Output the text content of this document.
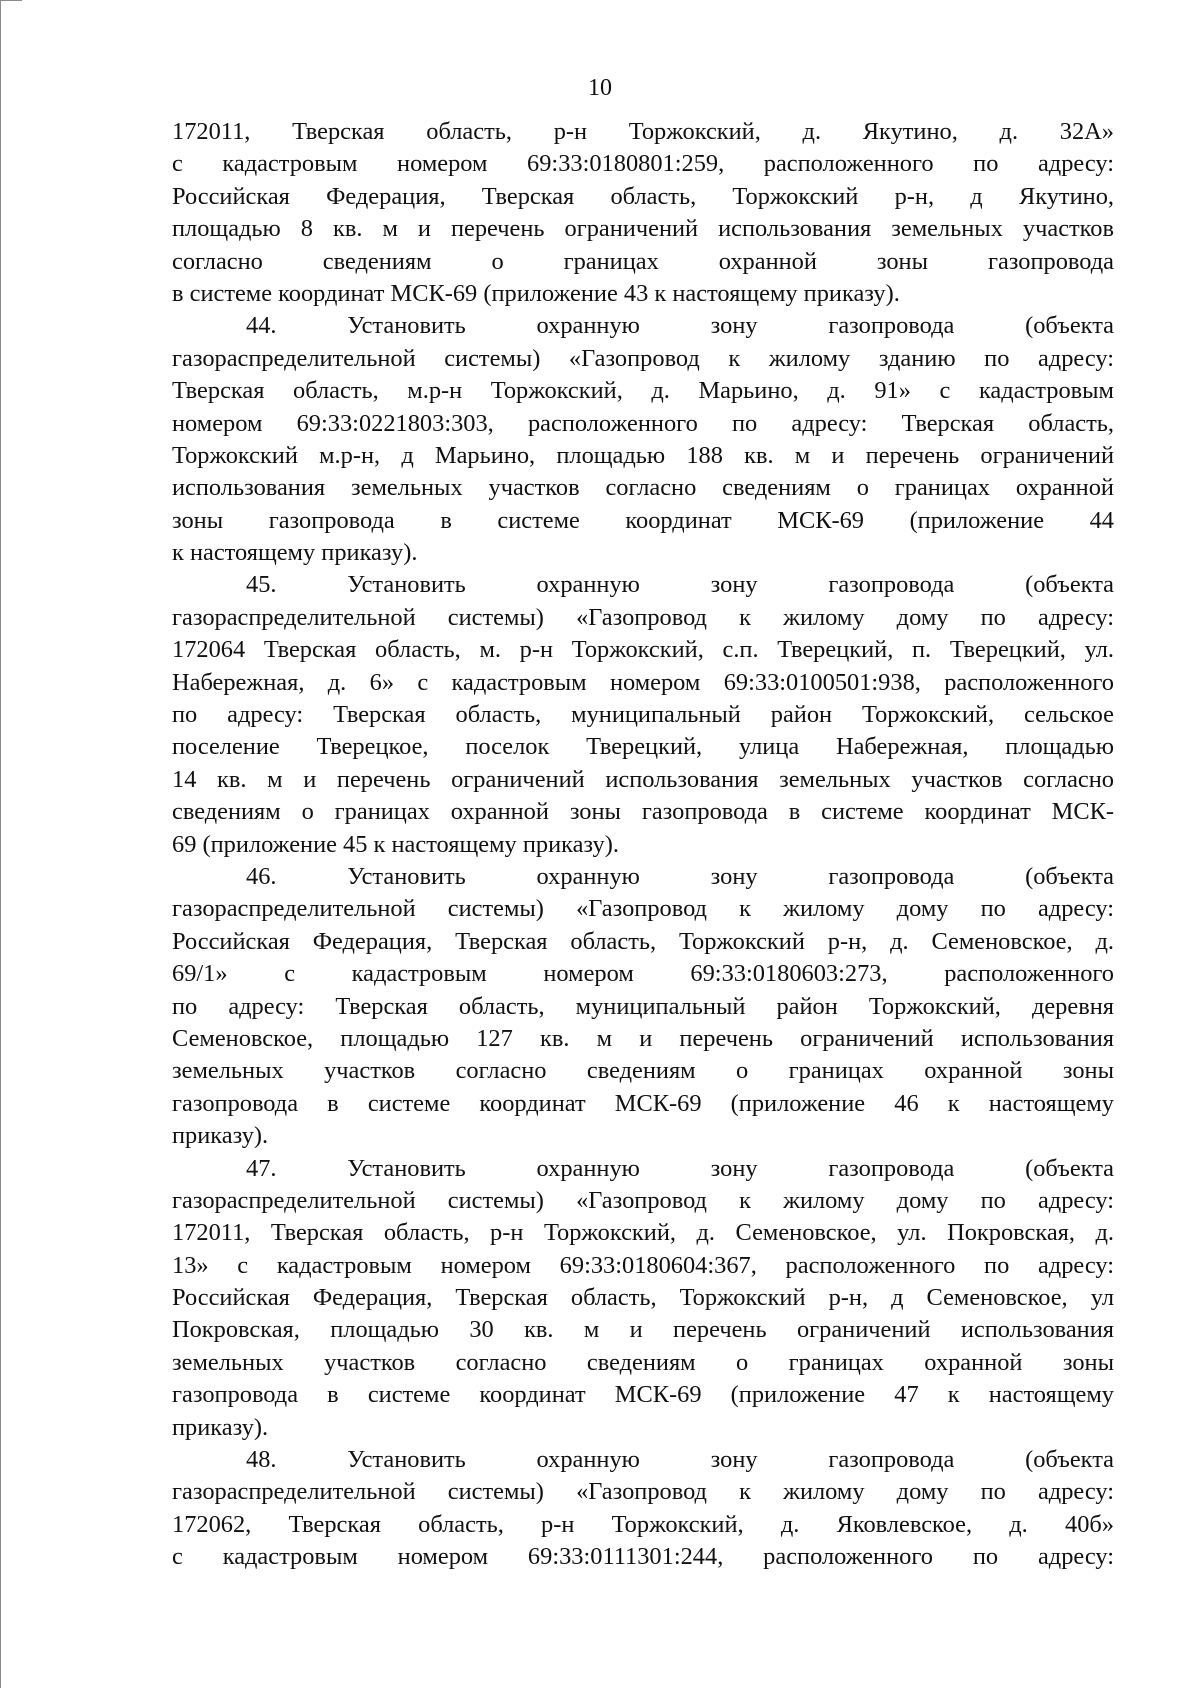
10
172011, Тверская область, р-н Торжокский, д. Якутино, д. 32А»
с кадастровым номером 69:33:0180801:259, расположенного по адресу:
Российская Федерация, Тверская область, Торжокский р-н, д Якутино,
площадью 8 кв. м и перечень ограничений использования земельных участков
согласно сведениям о границах охранной зоны газопровода
в системе координат МСК-69 (приложение 43 к настоящему приказу).
44. Установить охранную зону газопровода (объекта
газораспределительной системы) «Газопровод к жилому зданию по адресу:
Тверская область, м.р-н Торжокский, д. Марьино, д. 91» с кадастровым
номером 69:33:0221803:303, расположенного по адресу: Тверская область,
Торжокский м.р-н, д Марьино, площадью 188 кв. м и перечень ограничений
использования земельных участков согласно сведениям о границах охранной
зоны газопровода в системе координат МСК-69 (приложение 44
к настоящему приказу).
45. Установить охранную зону газопровода (объекта
газораспределительной системы) «Газопровод к жилому дому по адресу:
172064 Тверская область, м. р-н Торжокский, с.п. Тверецкий, п. Тверецкий, ул.
Набережная, д. 6» с кадастровым номером 69:33:0100501:938, расположенного
по адресу: Тверская область, муниципальный район Торжокский, сельское
поселение Тверецкое, поселок Тверецкий, улица Набережная, площадью
14 кв. м и перечень ограничений использования земельных участков согласно
сведениям о границах охранной зоны газопровода в системе координат МСК-
69 (приложение 45 к настоящему приказу).
46. Установить охранную зону газопровода (объекта
газораспределительной системы) «Газопровод к жилому дому по адресу:
Российская Федерация, Тверская область, Торжокский р-н, д. Семеновское, д.
69/1» с кадастровым номером 69:33:0180603:273, расположенного
по адресу: Тверская область, муниципальный район Торжокский, деревня
Семеновское, площадью 127 кв. м и перечень ограничений использования
земельных участков согласно сведениям о границах охранной зоны
газопровода в системе координат МСК-69 (приложение 46 к настоящему
приказу).
47. Установить охранную зону газопровода (объекта
газораспределительной системы) «Газопровод к жилому дому по адресу:
172011, Тверская область, р-н Торжокский, д. Семеновское, ул. Покровская, д.
13» с кадастровым номером 69:33:0180604:367, расположенного по адресу:
Российская Федерация, Тверская область, Торжокский р-н, д Семеновское, ул
Покровская, площадью 30 кв. м и перечень ограничений использования
земельных участков согласно сведениям о границах охранной зоны
газопровода в системе координат МСК-69 (приложение 47 к настоящему
приказу).
48. Установить охранную зону газопровода (объекта
газораспределительной системы) «Газопровод к жилому дому по адресу:
172062, Тверская область, р-н Торжокский, д. Яковлевское, д. 40б»
с кадастровым номером 69:33:0111301:244, расположенного по адресу:
